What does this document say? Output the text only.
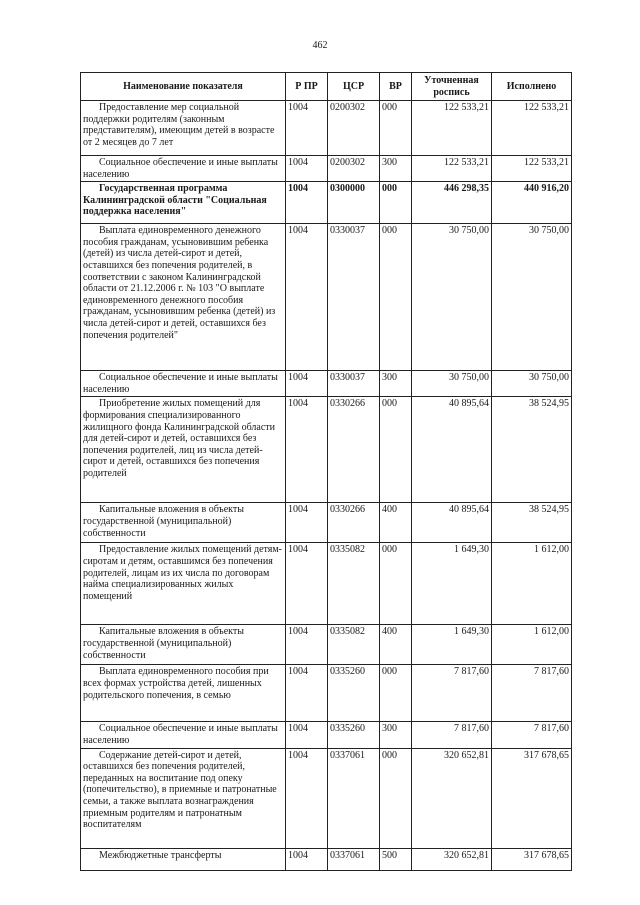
462
Наименование показателя	Р ПР	ЦСР	ВР	Уточненная роспись	Исполнено
Предоставление мер социальной поддержки родителям (законным представителям), имеющим детей в возрасте от 2 месяцев до 7 лет	1004	0200302	000	122 533,21	122 533,21
Социальное обеспечение и иные выплаты населению	1004	0200302	300	122 533,21	122 533,21
Государственная программа Калининградской области "Социальная поддержка населения"	1004	0300000	000	446 298,35	440 916,20
Выплата единовременного денежного пособия гражданам, усыновившим ребенка (детей) из числа детей-сирот и детей, оставшихся без попечения родителей, в соответствии с законом Калининградской области от 21.12.2006 г. № 103 "О выплате единовременного денежного пособия гражданам, усыновившим ребенка (детей) из числа детей-сирот и детей, оставшихся без попечения родителей"	1004	0330037	000	30 750,00	30 750,00
Социальное обеспечение и иные выплаты населению	1004	0330037	300	30 750,00	30 750,00
Приобретение жилых помещений для формирования специализированного жилищного фонда Калининградской области для детей-сирот и детей, оставшихся без попечения родителей, лиц из числа детей-сирот и детей, оставшихся без попечения родителей	1004	0330266	000	40 895,64	38 524,95
Капитальные вложения в объекты государственной (муниципальной) собственности	1004	0330266	400	40 895,64	38 524,95
Предоставление жилых помещений детям-сиротам и детям, оставшимся без попечения родителей, лицам из их числа по договорам найма специализированных жилых помещений	1004	0335082	000	1 649,30	1 612,00
Капитальные вложения в объекты государственной (муниципальной) собственности	1004	0335082	400	1 649,30	1 612,00
Выплата единовременного пособия при всех формах устройства детей, лишенных родительского попечения, в семью	1004	0335260	000	7 817,60	7 817,60
Социальное обеспечение и иные выплаты населению	1004	0335260	300	7 817,60	7 817,60
Содержание детей-сирот и детей, оставшихся без попечения родителей, переданных на воспитание под опеку (попечительство), в приемные и патронатные семьи, а также выплата вознаграждения приемным родителям и патронатным воспитателям	1004	0337061	000	320 652,81	317 678,65
Межбюджетные трансферты	1004	0337061	500	320 652,81	317 678,65
